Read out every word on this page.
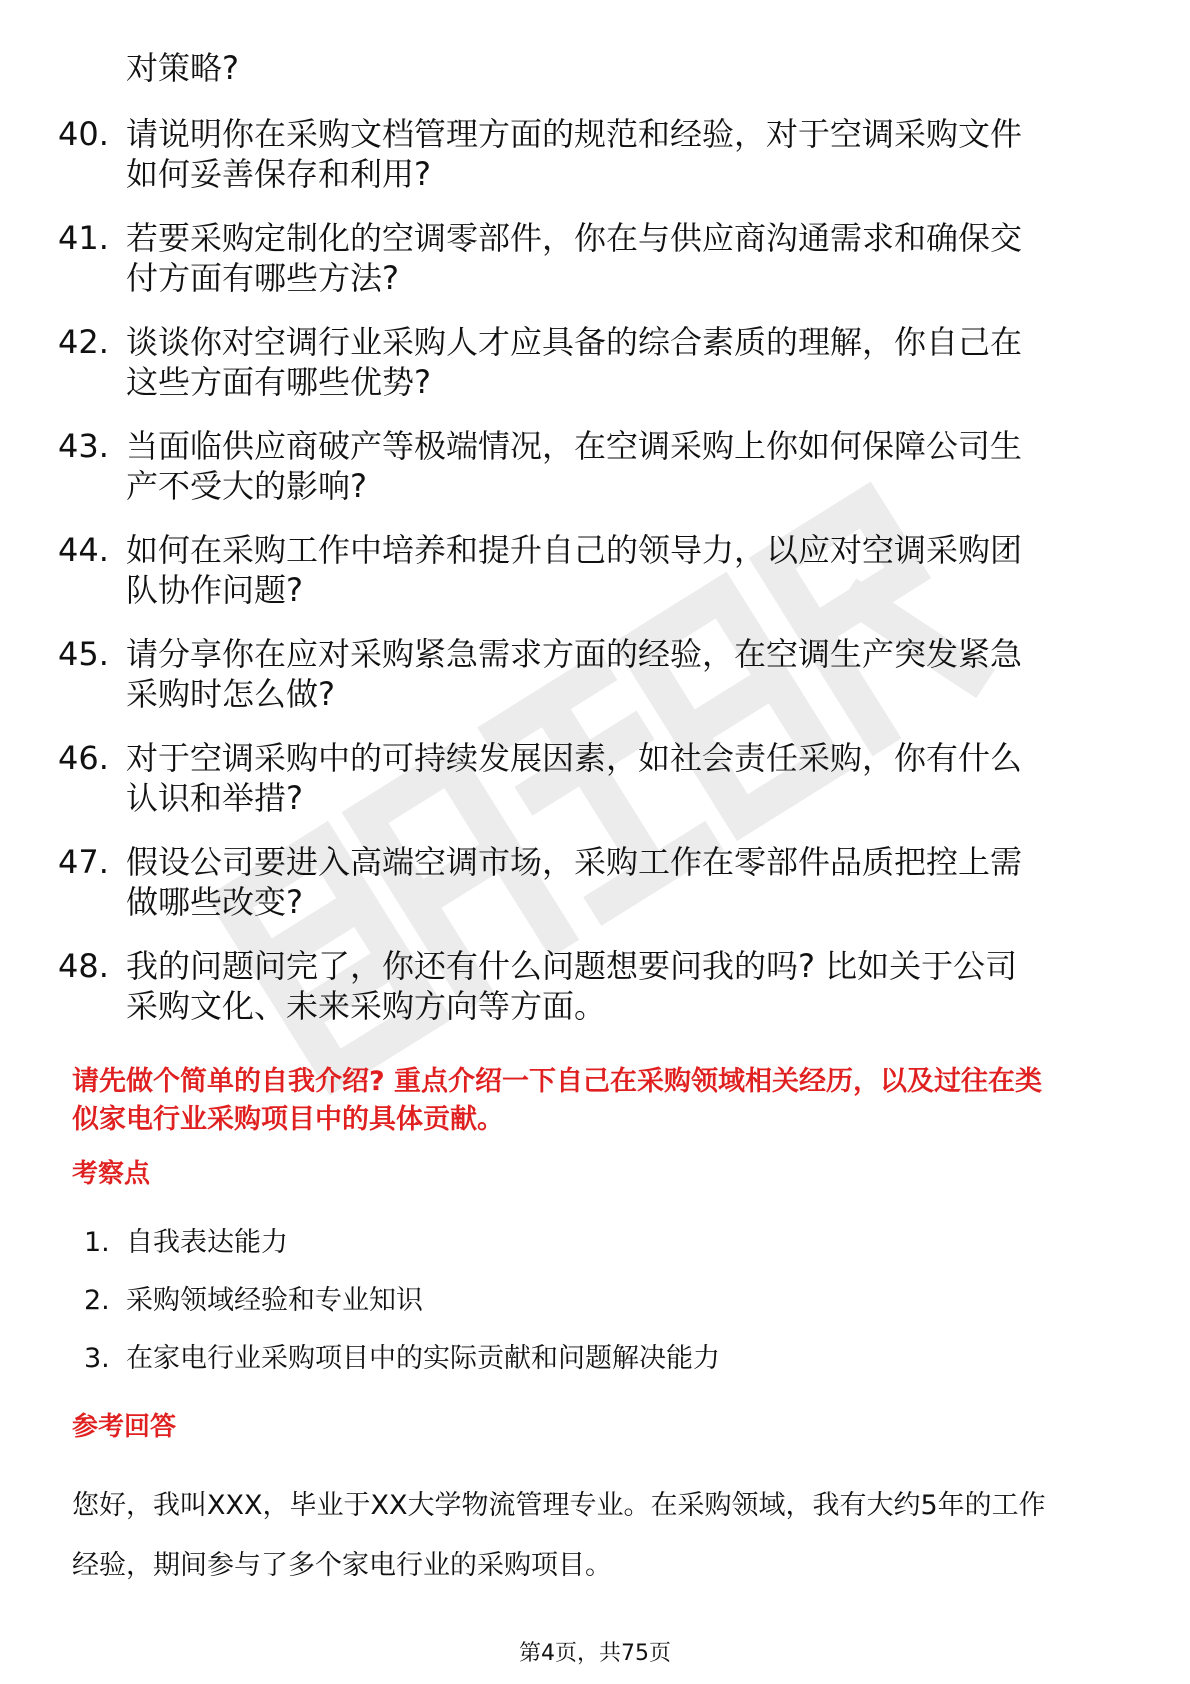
对策略?
40. 请说明你在采购文档管理方面的规范和经验，对于空调采购文件
如何妥善保存和利用?
41. 若要采购定制化的空调零部件，你在与供应商沟通需求和确保交
付方面有哪些方法?
42. 谈谈你对空调行业采购人才应具备的综合素质的理解，你自己在
这些方面有哪些优势?
43. 当面临供应商破产等极端情况，在空调采购上你如何保障公司生
产不受大的影响?
44. 如何在采购工作中培养和提升自己的领导力，以应对空调采购团
队协作问题?
45. 请分享你在应对采购紧急需求方面的经验，在空调生产突发紧急
采购时怎么做?
46. 对于空调采购中的可持续发展因素，如社会责任采购，你有什么
认识和举措?
47. 假设公司要进入高端空调市场，采购工作在零部件品质把控上需
做哪些改变?
48. 我的问题问完了，你还有什么问题想要问我的吗? 比如关于公司
采购文化、未来采购方向等方面。
请先做个简单的自我介绍? 重点介绍一下自己在采购领域相关经历，以及过往在类
似家电行业采购项目中的具体贡献。
考察点
1. 自我表达能力
2. 采购领域经验和专业知识
3. 在家电行业采购项目中的实际贡献和问题解决能力
参考回答
您好，我叫XXX，毕业于XX大学物流管理专业。在采购领域，我有大约5年的工作
经验，期间参与了多个家电行业的采购项目。
第4页，共75页
